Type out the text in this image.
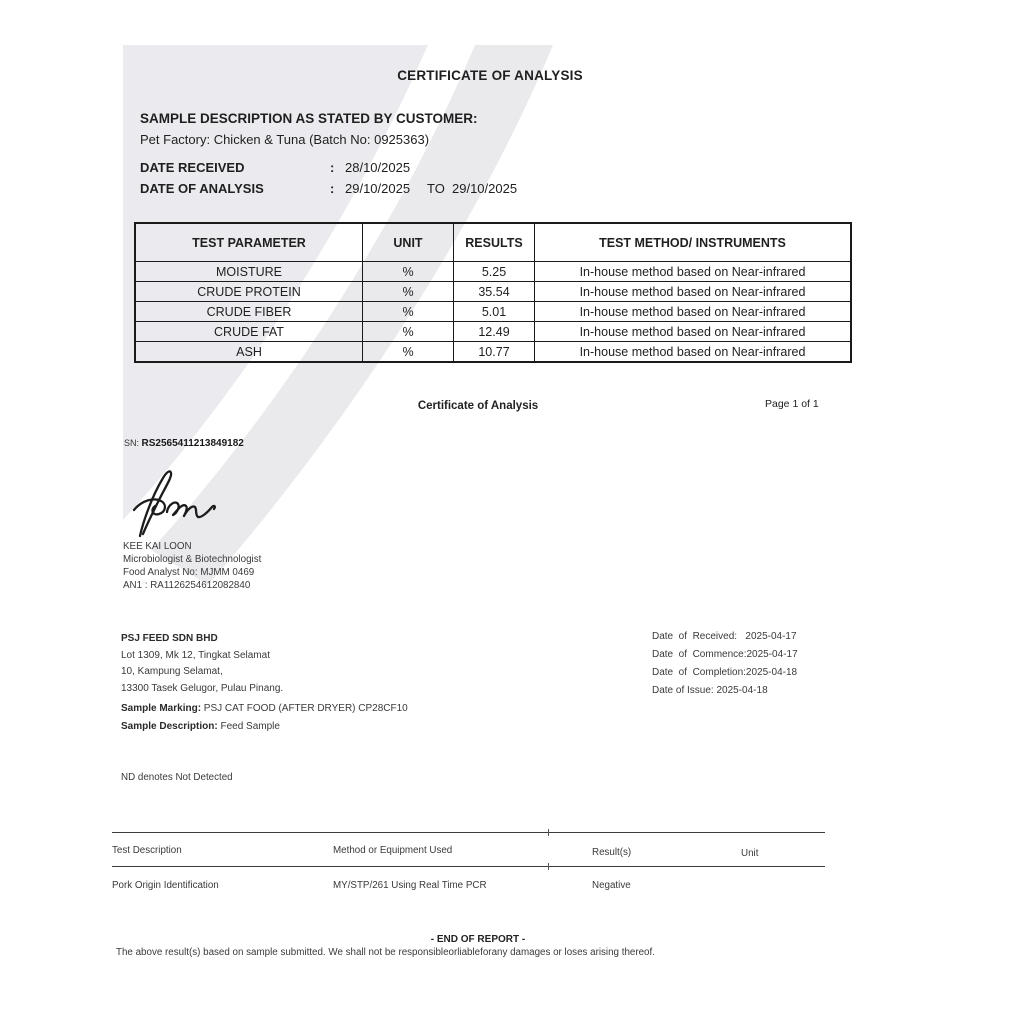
CERTIFICATE OF ANALYSIS
SAMPLE DESCRIPTION AS STATED BY CUSTOMER:
Pet Factory: Chicken & Tuna (Batch No: 0925363)
DATE RECEIVED	: 28/10/2025
DATE OF ANALYSIS	: 29/10/2025 TO 29/10/2025
TEST PARAMETER	UNIT	RESULTS	TEST METHOD/ INSTRUMENTS
MOISTURE	%	5.25	In-house method based on Near-infrared
CRUDE PROTEIN	%	35.54	In-house method based on Near-infrared
CRUDE FIBER	%	5.01	In-house method based on Near-infrared
CRUDE FAT	%	12.49	In-house method based on Near-infrared
ASH	%	10.77	In-house method based on Near-infrared
Certificate of Analysis	Page 1 of 1
SN: RS2565411213849182
KEE KAI LOON
Microbiologist & Biotechnologist
Food Analyst No: MJMM 0469
AN1 : RA1126254612082840
PSJ FEED SDN BHD
Lot 1309, Mk 12, Tingkat Selamat
10, Kampung Selamat,
13300 Tasek Gelugor, Pulau Pinang.
Sample Marking: PSJ CAT FOOD (AFTER DRYER) CP28CF10
Sample Description: Feed Sample
Date  of  Received:   2025-04-17
Date  of  Commence:2025-04-17
Date  of  Completion:2025-04-18
Date of Issue: 2025-04-18
ND denotes Not Detected
Test Description	Method or Equipment Used	Result(s)	Unit
Pork Origin Identification	MY/STP/261 Using Real Time PCR	Negative
- END OF REPORT -
The above result(s) based on sample submitted. We shall not be responsibleorliableforany damages or loses arising thereof.
